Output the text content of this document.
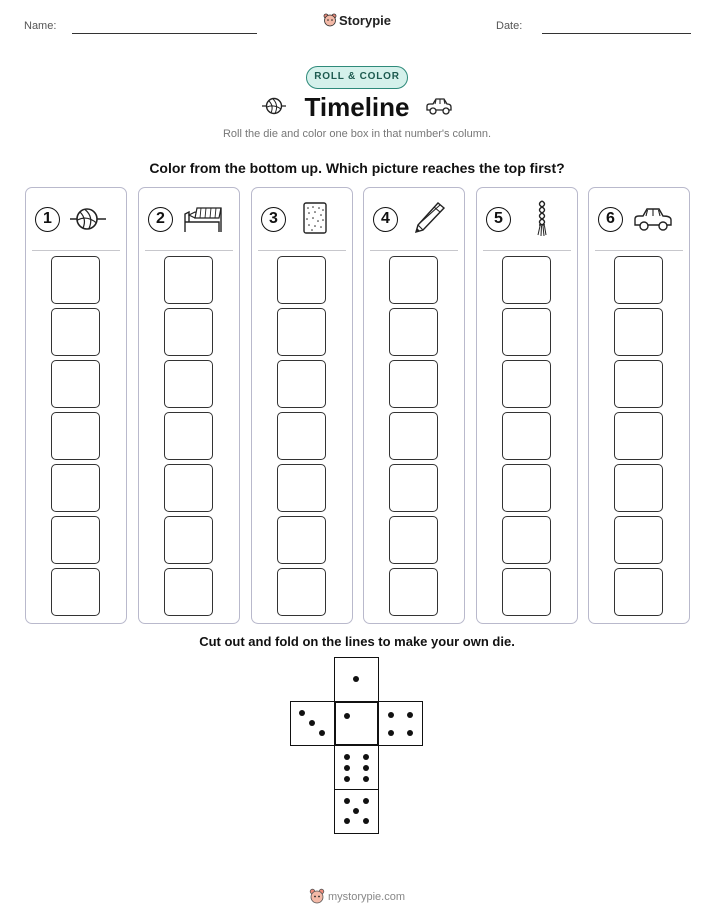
Name:	Storypie	Date:
ROLL & COLOR
Timeline
Roll the die and color one box in that number's column.
Color from the bottom up. Which picture reaches the top first?
1	2	3	4	5	6
Cut out and fold on the lines to make your own die.
mystorypie.com
